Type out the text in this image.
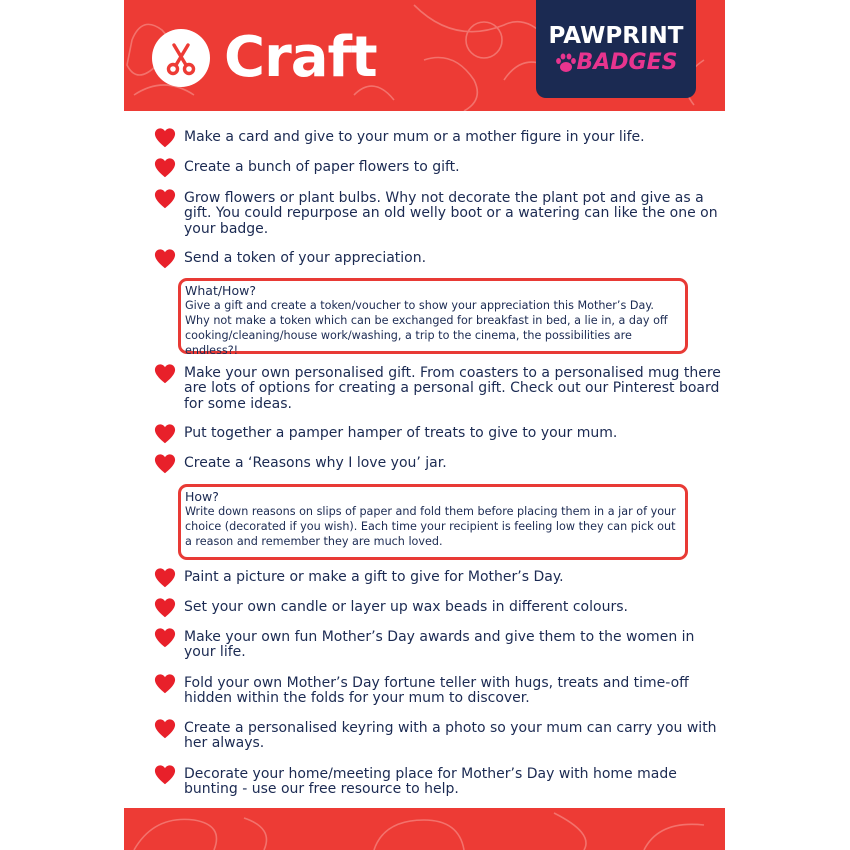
Craft	PAWPRINT
BADGES
Make a card and give to your mum or a mother figure in your life.
Create a bunch of paper flowers to gift.
Grow flowers or plant bulbs. Why not decorate the plant pot and give as a gift. You could repurpose an old welly boot or a watering can like the one on your badge.
Send a token of your appreciation.
What/How?
Give a gift and create a token/voucher to show your appreciation this Mother’s Day. Why not make a token which can be exchanged for breakfast in bed, a lie in, a day off cooking/cleaning/house work/washing, a trip to the cinema, the possibilities are endless?!
Make your own personalised gift. From coasters to a personalised mug there are lots of options for creating a personal gift. Check out our Pinterest board for some ideas.
Put together a pamper hamper of treats to give to your mum.
Create a ‘Reasons why I love you’ jar.
How?
Write down reasons on slips of paper and fold them before placing them in a jar of your choice (decorated if you wish). Each time your recipient is feeling low they can pick out a reason and remember they are much loved.
Paint a picture or make a gift to give for Mother’s Day.
Set your own candle or layer up wax beads in different colours.
Make your own fun Mother’s Day awards and give them to the women in your life.
Fold your own Mother’s Day fortune teller with hugs, treats and time-off hidden within the folds for your mum to discover.
Create a personalised keyring with a photo so your mum can carry you with her always.
Decorate your home/meeting place for Mother’s Day with home made bunting - use our free resource to help.
